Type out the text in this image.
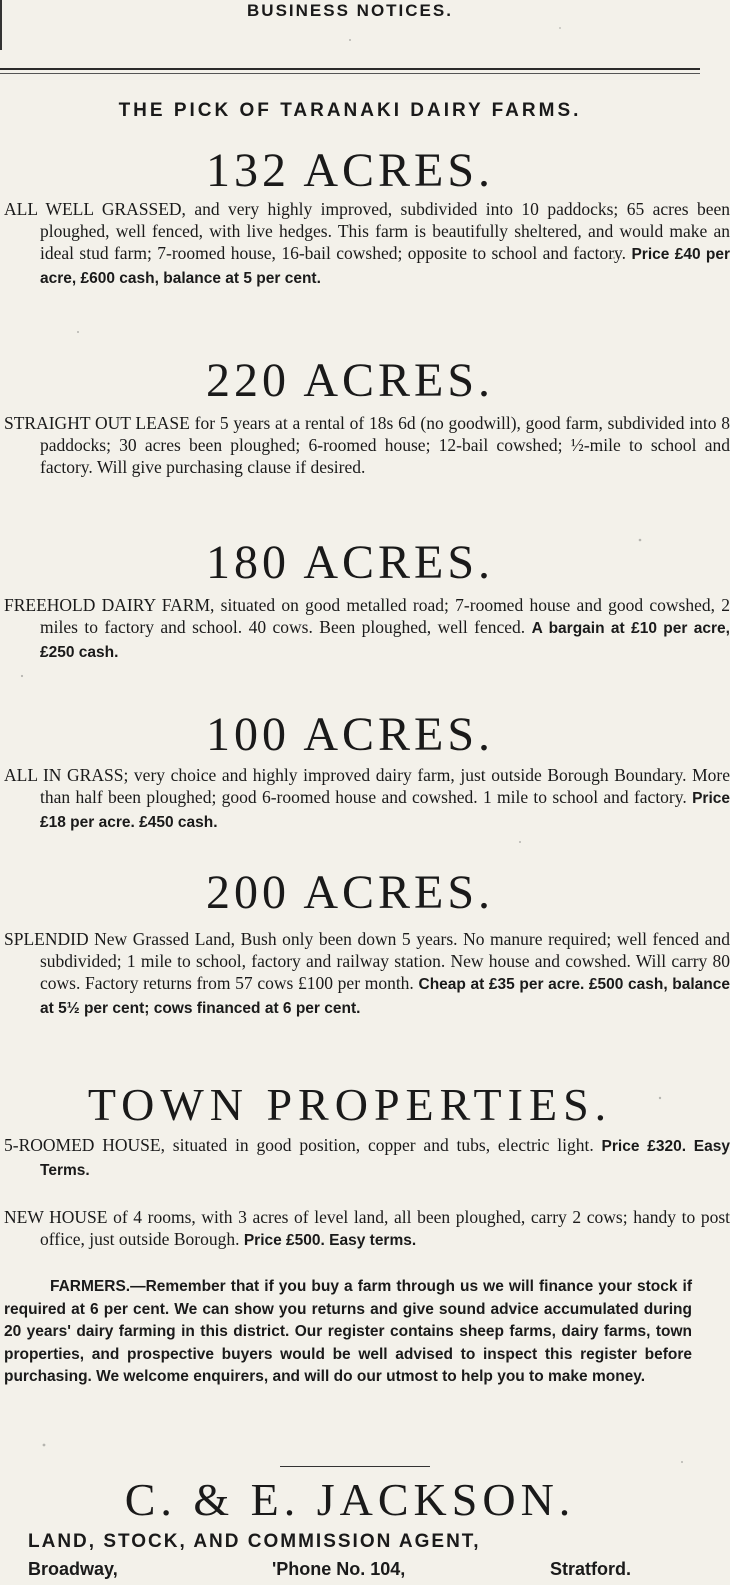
BUSINESS NOTICES.
THE PICK OF TARANAKI DAIRY FARMS.
132 ACRES.
ALL WELL GRASSED, and very highly improved, subdivided into 10 paddocks; 65 acres been ploughed, well fenced, with live hedges. This farm is beautifully sheltered, and would make an ideal stud farm; 7-roomed house, 16-bail cowshed; opposite to school and factory. Price £40 per acre, £600 cash, balance at 5 per cent.
220 ACRES.
STRAIGHT OUT LEASE for 5 years at a rental of 18s 6d (no goodwill), good farm, subdivided into 8 paddocks; 30 acres been ploughed; 6-roomed house; 12-bail cowshed; ½-mile to school and factory. Will give purchasing clause if desired.
180 ACRES.
FREEHOLD DAIRY FARM, situated on good metalled road; 7-roomed house and good cowshed, 2 miles to factory and school. 40 cows. Been ploughed, well fenced. A bargain at £10 per acre, £250 cash.
100 ACRES.
ALL IN GRASS; very choice and highly improved dairy farm, just outside Borough Boundary. More than half been ploughed; good 6-roomed house and cowshed. 1 mile to school and factory. Price £18 per acre. £450 cash.
200 ACRES.
SPLENDID New Grassed Land, Bush only been down 5 years. No manure required; well fenced and subdivided; 1 mile to school, factory and railway station. New house and cowshed. Will carry 80 cows. Factory returns from 57 cows £100 per month. Cheap at £35 per acre. £500 cash, balance at 5½ per cent; cows financed at 6 per cent.
TOWN PROPERTIES.
5-ROOMED HOUSE, situated in good position, copper and tubs, electric light. Price £320. Easy Terms.
NEW HOUSE of 4 rooms, with 3 acres of level land, all been ploughed, carry 2 cows; handy to post office, just outside Borough. Price £500. Easy terms.
FARMERS.—Remember that if you buy a farm through us we will finance your stock if required at 6 per cent. We can show you returns and give sound advice accumulated during 20 years' dairy farming in this district. Our register contains sheep farms, dairy farms, town properties, and prospective buyers would be well advised to inspect this register before purchasing. We welcome enquirers, and will do our utmost to help you to make money.
C. & E. JACKSON.
LAND, STOCK, AND COMMISSION AGENT,
Broadway,	'Phone No. 104,	Stratford.
